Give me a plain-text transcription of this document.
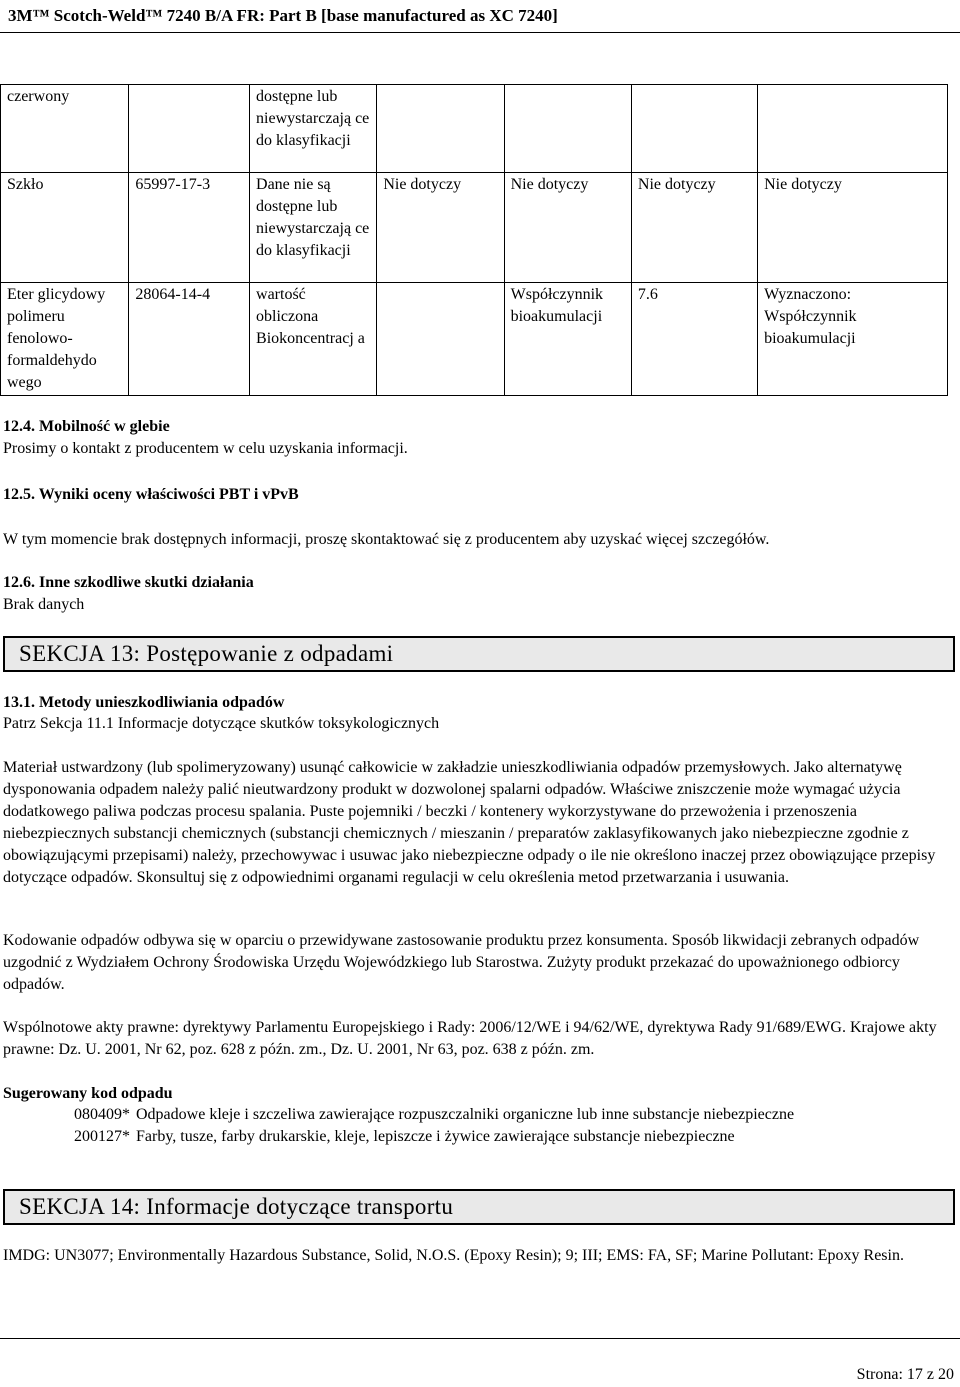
3M™ Scotch-Weld™ 7240 B/A FR: Part B [base manufactured as XC 7240]
czerwony		dostępne lub niewystarczają ce do klasyfikacji				
Szkło	65997-17-3	Dane nie są dostępne lub niewystarczają ce do klasyfikacji	Nie dotyczy	Nie dotyczy	Nie dotyczy	Nie dotyczy
Eter glicydowy polimeru fenolowo-formaldehydo wego	28064-14-4	wartość obliczona Biokoncentracj a		Współczynnik bioakumulacji	7.6	Wyznaczono: Współczynnik bioakumulacji
12.4. Mobilność w glebie
Prosimy o kontakt z producentem w celu uzyskania informacji.
12.5. Wyniki oceny właściwości PBT i vPvB
W tym momencie brak dostępnych informacji, proszę skontaktować się z producentem aby uzyskać więcej szczegółów.
12.6. Inne szkodliwe skutki działania
Brak danych
SEKCJA 13: Postępowanie z odpadami
13.1. Metody unieszkodliwiania odpadów
Patrz Sekcja 11.1 Informacje dotyczące skutków toksykologicznych
Materiał ustwardzony (lub spolimeryzowany) usunąć całkowicie w zakładzie unieszkodliwiania odpadów przemysłowych. Jako alternatywę dysponowania odpadem należy palić nieutwardzony produkt w dozwolonej spalarni odpadów. Właściwe zniszczenie może wymagać użycia dodatkowego paliwa podczas procesu spalania. Puste pojemniki / beczki / kontenery wykorzystywane do przewożenia i przenoszenia niebezpiecznych substancji chemicznych (substancji chemicznych / mieszanin / preparatów zaklasyfikowanych jako niebezpieczne zgodnie z obowiązującymi przepisami) należy, przechowywac i usuwac jako niebezpieczne odpady o ile nie określono inaczej przez obowiązujące przepisy dotyczące odpadów. Skonsultuj się z odpowiednimi organami regulacji w celu określenia metod przetwarzania i usuwania.
Kodowanie odpadów odbywa się w oparciu o przewidywane zastosowanie produktu przez konsumenta. Sposób likwidacji zebranych odpadów uzgodnić z Wydziałem Ochrony Środowiska Urzędu Wojewódzkiego lub Starostwa. Zużyty produkt przekazać do upoważnionego odbiorcy odpadów.
Wspólnotowe akty prawne: dyrektywy Parlamentu Europejskiego i Rady: 2006/12/WE i 94/62/WE, dyrektywa Rady 91/689/EWG. Krajowe akty prawne: Dz. U. 2001, Nr 62, poz. 628 z późn. zm., Dz. U. 2001, Nr 63, poz. 638 z późn. zm.
Sugerowany kod odpadu
080409* Odpadowe kleje i szczeliwa zawierające rozpuszczalniki organiczne lub inne substancje niebezpieczne
200127* Farby, tusze, farby drukarskie, kleje, lepiszcze i żywice zawierające substancje niebezpieczne
SEKCJA 14: Informacje dotyczące transportu
IMDG: UN3077; Environmentally Hazardous Substance, Solid, N.O.S. (Epoxy Resin); 9; III; EMS: FA, SF; Marine Pollutant: Epoxy Resin.
Strona: 17 z 20
